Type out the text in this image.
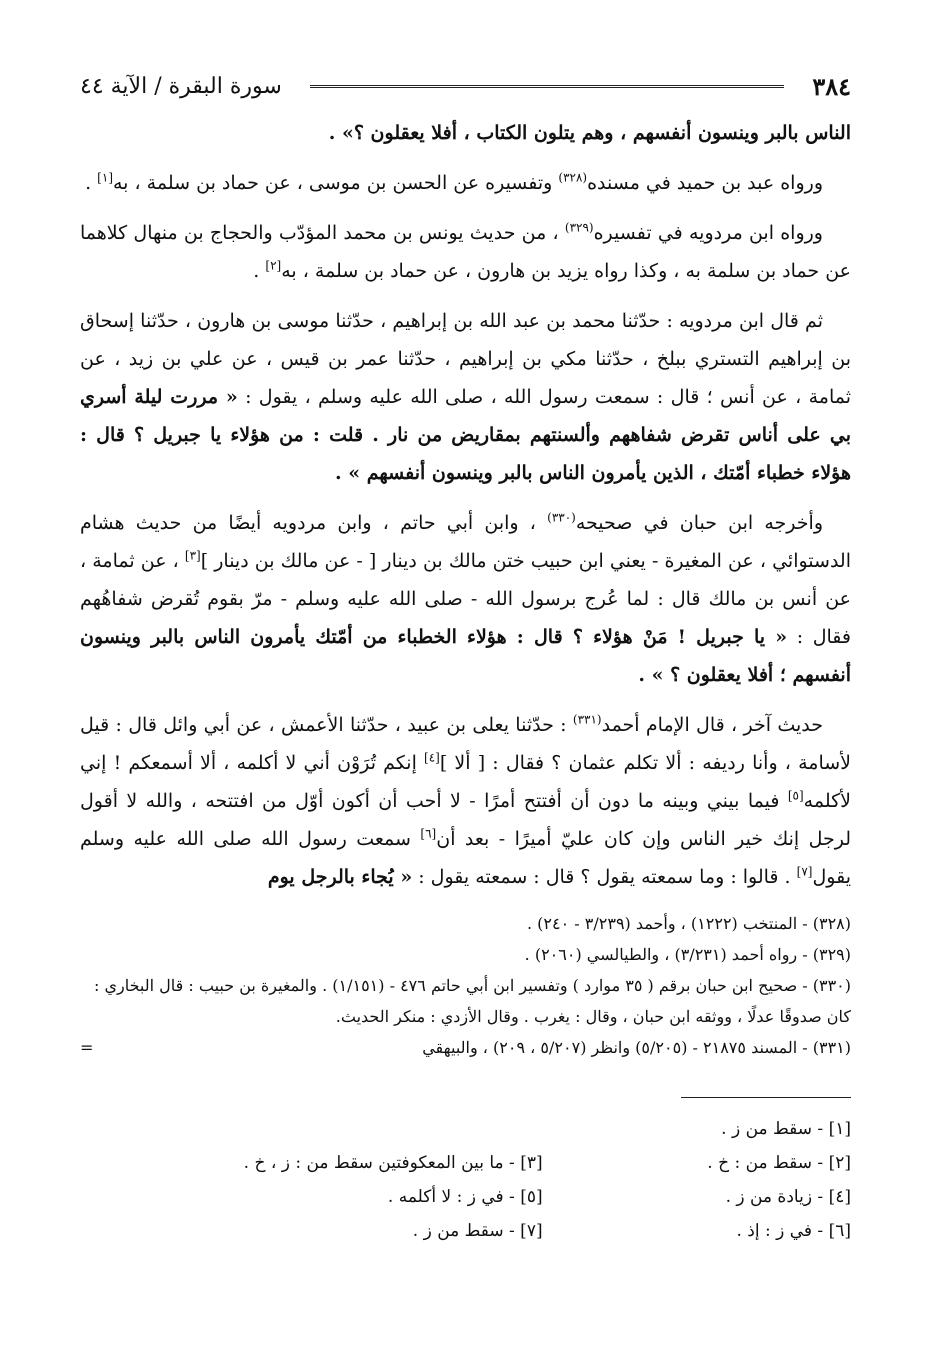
٣٨٤
سورة البقرة / الآية ٤٤

الناس بالبر وينسون أنفسهم ، وهم يتلون الكتاب ، أفلا يعقلون ؟» .

ورواه عبد بن حميد في مسنده$^{(٣٢٨)}$ وتفسيره عن الحسن بن موسى ، عن حماد بن سلمة ، به[١] .

ورواه ابن مردويه في تفسيره$^{(٣٢٩)}$ ، من حديث يونس بن محمد المؤدّب والحجاج بن منهال كلاهما عن حماد بن سلمة به ، وكذا رواه يزيد بن هارون ، عن حماد بن سلمة ، به[٢] .

ثم قال ابن مردويه : حدّثنا محمد بن عبد الله بن إبراهيم ، حدّثنا موسى بن هارون ، حدّثنا إسحاق بن إبراهيم التستري ببلخ ، حدّثنا مكي بن إبراهيم ، حدّثنا عمر بن قيس ، عن علي بن زيد ، عن ثمامة ، عن أنس ؛ قال : سمعت رسول الله ، صلى الله عليه وسلم ، يقول : « مررت ليلة أسري بي على أناس تقرض شفاههم وألسنتهم بمقاريض من نار . قلت : من هؤلاء يا جبريل ؟ قال : هؤلاء خطباء أمّتك ، الذين يأمرون الناس بالبر وينسون أنفسهم » .

وأخرجه ابن حبان في صحيحه$^{(٣٣٠)}$ ، وابن أبي حاتم ، وابن مردويه أيضًا من حديث هشام الدستوائي ، عن المغيرة - يعني ابن حبيب ختن مالك بن دينار [ - عن مالك بن دينار ][٣] ، عن ثمامة ، عن أنس بن مالك قال : لما عُرج برسول الله - صلى الله عليه وسلم - مرّ بقوم تُقرض شفاهُهم فقال : « يا جبريل ! مَنْ هؤلاء ؟ قال : هؤلاء الخطباء من أمّتك يأمرون الناس بالبر وينسون أنفسهم ؛ أفلا يعقلون ؟ » .

حديث آخر ، قال الإمام أحمد$^{(٣٣١)}$ : حدّثنا يعلى بن عبيد ، حدّثنا الأعمش ، عن أبي وائل قال : قيل لأسامة ، وأنا رديفه : ألا تكلم عثمان ؟ فقال : [ ألا ][٤] إنكم تُرَوْن أني لا أكلمه ، ألا أسمعكم ! إني لأكلمه[٥] فيما بيني وبينه ما دون أن أفتتح أمرًا - لا أحب أن أكون أوّل من افتتحه ، والله لا أقول لرجل إنك خير الناس وإن كان عليّ أميرًا - بعد أن[٦] سمعت رسول الله صلى الله عليه وسلم يقول[٧] . قالوا : وما سمعته يقول ؟ قال : سمعته يقول : « يُجاء بالرجل يوم

(٣٢٨) - المنتخب (١٢٢٢) ، وأحمد (٣/٢٣٩ - ٢٤٠) .
(٣٢٩) - رواه أحمد (٣/٢٣١) ، والطيالسي (٢٠٦٠) .
(٣٣٠) - صحيح ابن حبان برقم ( ٣٥ موارد ) وتفسير ابن أبي حاتم ٤٧٦ - (١/١٥١) . والمغيرة بن حبيب : قال البخاري : كان صدوقًا عدلًا ، ووثقه ابن حبان ، وقال : يغرب . وقال الأزدي : منكر الحديث.
(٣٣١) - المسند ٢١٨٧٥ - (٥/٢٠٥) وانظر (٥/٢٠٧ ، ٢٠٩) ، والبيهقي
=
[١] - سقط من ز .
[٢] - سقط من : خ .
[٤] - زيادة من ز .
[٦] - في ز : إذ .

[٣] - ما بين المعكوفتين سقط من : ز ، خ .
[٥] - في ز : لا أكلمه .
[٧] - سقط من ز .
